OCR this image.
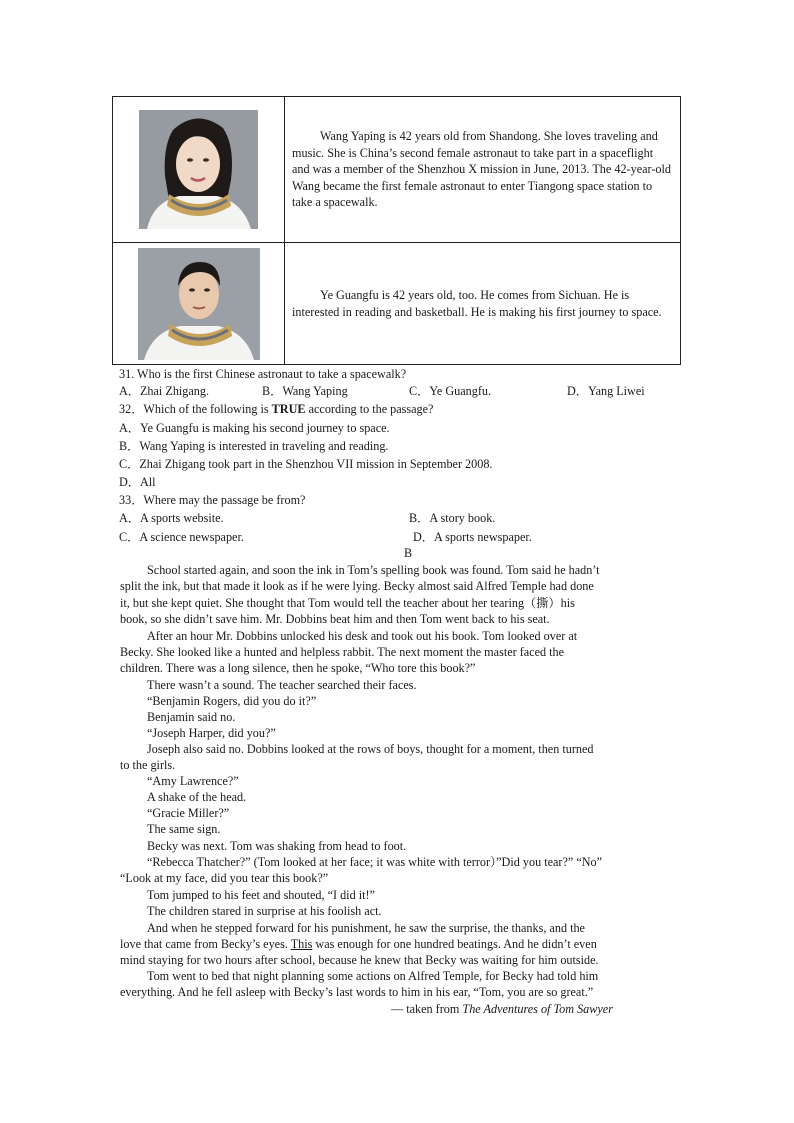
Wang Yaping is 42 years old from Shandong. She loves traveling and music. She is China’s second female astronaut to take part in a spaceflight and was a member of the Shenzhou X mission in June, 2013. The 42-year-old Wang became the first female astronaut to enter Tiangong space station to take a spacewalk.

Ye Guangfu is 42 years old, too. He comes from Sichuan. He is interested in reading and basketball. He is making his first journey to space.

31. Who is the first Chinese astronaut to take a spacewalk?
A．Zhai Zhigang.	B．Wang Yaping	C．Ye Guangfu.	D．Yang Liwei
32．Which of the following is TRUE according to the passage?
A．Ye Guangfu is making his second journey to space.
B．Wang Yaping is interested in traveling and reading.
C．Zhai Zhigang took part in the Shenzhou VII mission in September 2008.
D．All
33．Where may the passage be from?
A．A sports website.	B．A story book.
C．A science newspaper.	D．A sports newspaper.
B
School started again, and soon the ink in Tom’s spelling book was found. Tom said he hadn’t
split the ink, but that made it look as if he were lying. Becky almost said Alfred Temple had done
it, but she kept quiet. She thought that Tom would tell the teacher about her tearing（撕）his
book, so she didn’t save him. Mr. Dobbins beat him and then Tom went back to his seat.
After an hour Mr. Dobbins unlocked his desk and took out his book. Tom looked over at
Becky. She looked like a hunted and helpless rabbit. The next moment the master faced the
children. There was a long silence, then he spoke, “Who tore this book?”
There wasn’t a sound. The teacher searched their faces.
“Benjamin Rogers, did you do it?”
Benjamin said no.
“Joseph Harper, did you?”
Joseph also said no. Dobbins looked at the rows of boys, thought for a moment, then turned
to the girls.
“Amy Lawrence?”
A shake of the head.
“Gracie Miller?”
The same sign.
Becky was next. Tom was shaking from head to foot.
“Rebecca Thatcher?” (Tom looked at her face; it was white with terror）”Did you tear?” “No”
“Look at my face, did you tear this book?”
Tom jumped to his feet and shouted, “I did it!”
The children stared in surprise at his foolish act.
And when he stepped forward for his punishment, he saw the surprise, the thanks, and the
love that came from Becky’s eyes. This was enough for one hundred beatings. And he didn’t even
mind staying for two hours after school, because he knew that Becky was waiting for him outside.
Tom went to bed that night planning some actions on Alfred Temple, for Becky had told him
everything. And he fell asleep with Becky’s last words to him in his ear, “Tom, you are so great.”
— taken from The Adventures of Tom Sawyer
